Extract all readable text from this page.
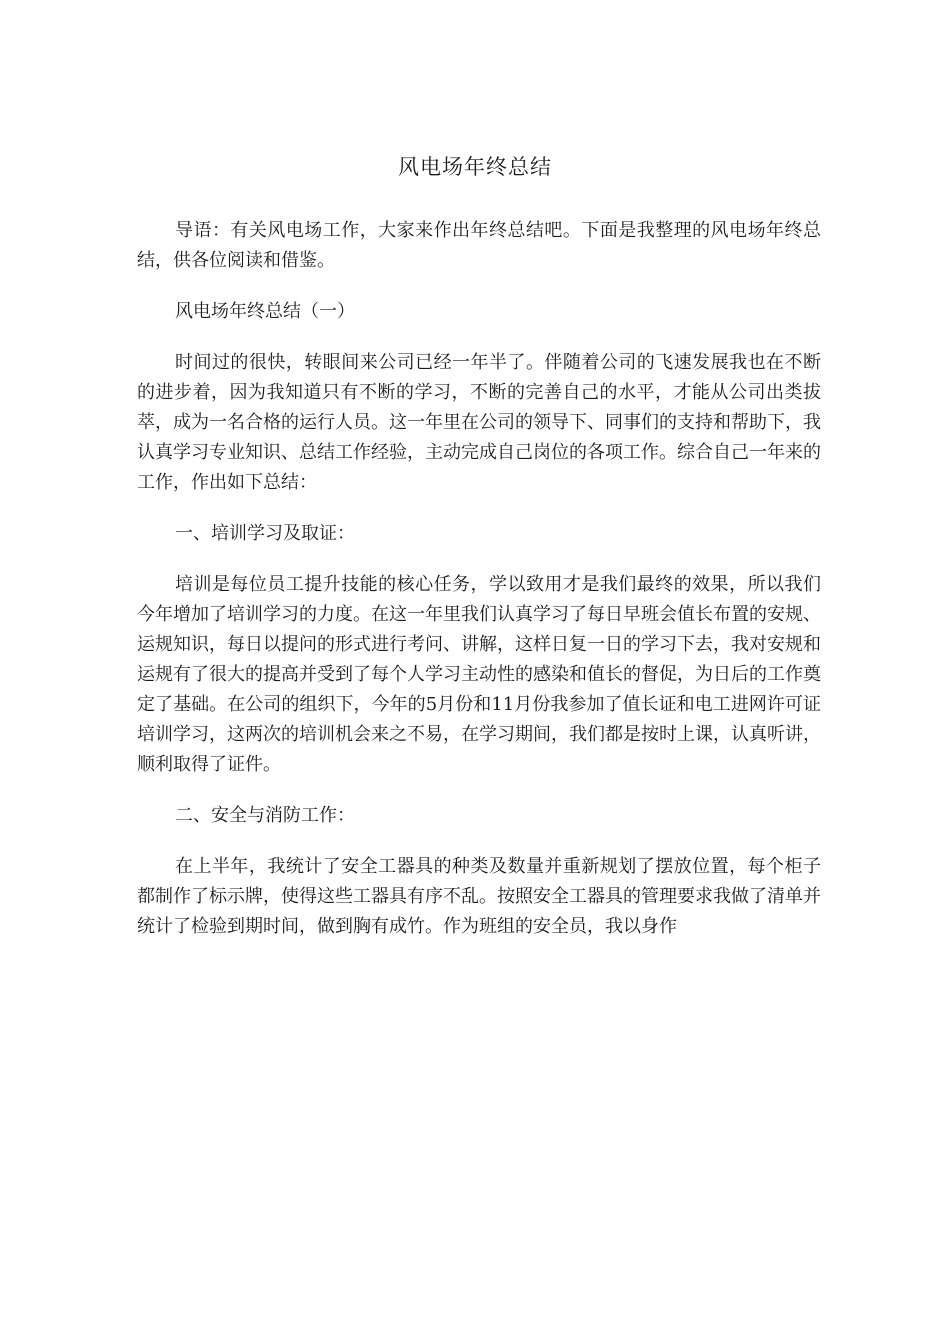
风电场年终总结

导语：有关风电场工作，大家来作出年终总结吧。下面是我整理的风电场年终总结，供各位阅读和借鉴。

风电场年终总结（一）

时间过的很快，转眼间来公司已经一年半了。伴随着公司的飞速发展我也在不断的进步着，因为我知道只有不断的学习，不断的完善自己的水平，才能从公司出类拔萃，成为一名合格的运行人员。这一年里在公司的领导下、同事们的支持和帮助下，我认真学习专业知识、总结工作经验，主动完成自己岗位的各项工作。综合自己一年来的工作，作出如下总结：

一、培训学习及取证：

培训是每位员工提升技能的核心任务，学以致用才是我们最终的效果，所以我们今年增加了培训学习的力度。在这一年里我们认真学习了每日早班会值长布置的安规、运规知识，每日以提问的形式进行考问、讲解，这样日复一日的学习下去，我对安规和运规有了很大的提高并受到了每个人学习主动性的感染和值长的督促，为日后的工作奠定了基础。在公司的组织下，今年的5月份和11月份我参加了值长证和电工进网许可证培训学习，这两次的培训机会来之不易，在学习期间，我们都是按时上课，认真听讲，顺利取得了证件。

二、安全与消防工作：

在上半年，我统计了安全工器具的种类及数量并重新规划了摆放位置，每个柜子都制作了标示牌，使得这些工器具有序不乱。按照安全工器具的管理要求我做了清单并统计了检验到期时间，做到胸有成竹。作为班组的安全员，我以身作
